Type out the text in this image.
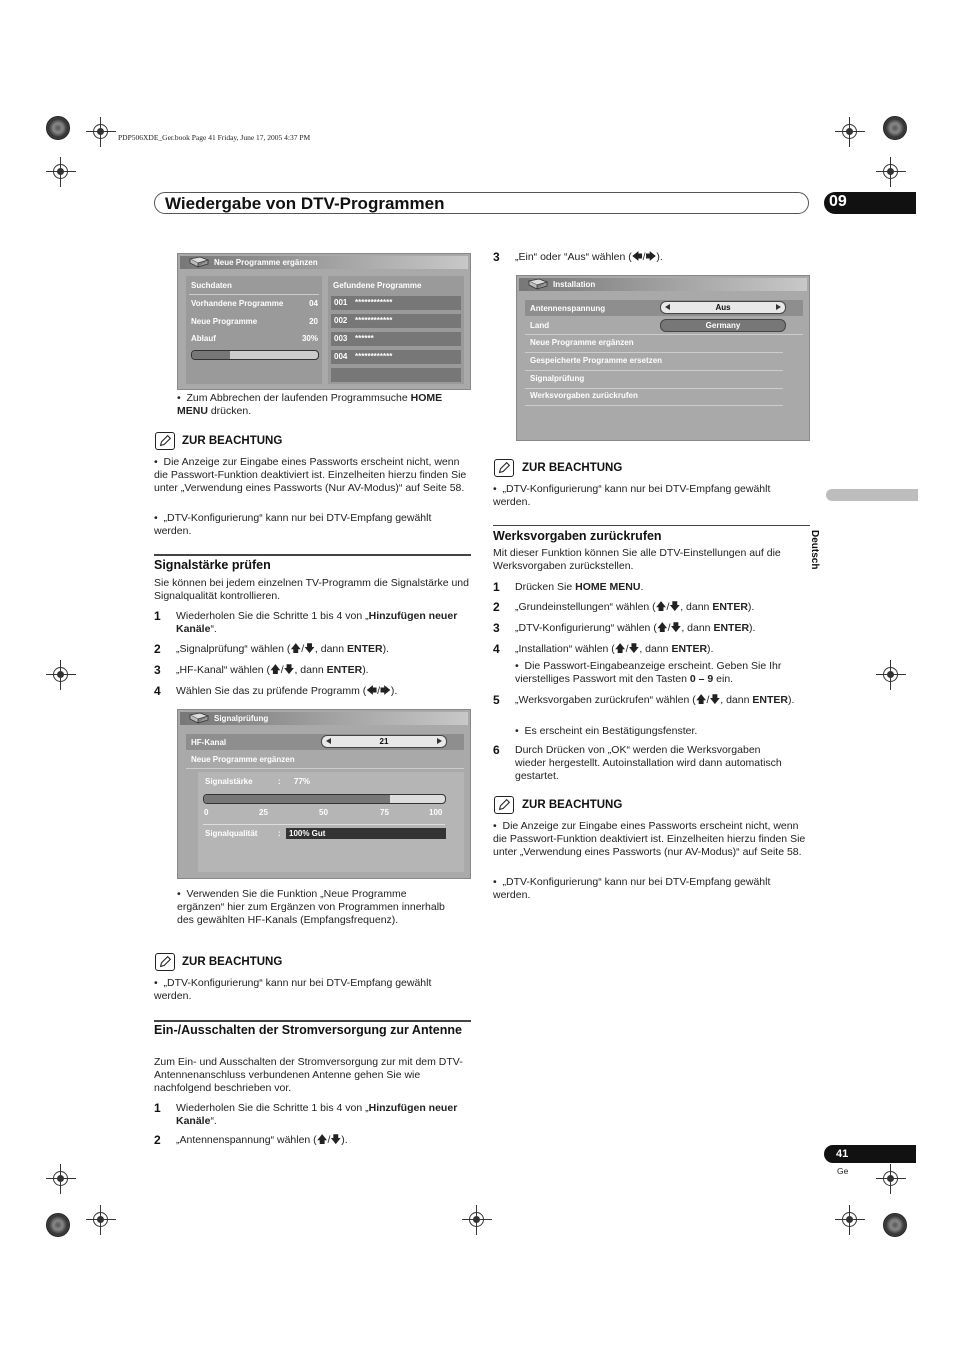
PDP506XDE_Ger.book Page 41 Friday, June 17, 2005 4:37 PM
Wiedergabe von DTV-Programmen	09
Deutsch
Neue Programme ergänzen
Suchdaten
Vorhandene Programme	04
Neue Programme	20
Ablauf	30%
Gefundene Programme
001 ************
002 ************
003 ******
004 ************

•  Zum Abbrechen der laufenden Programmsuche HOME MENU drücken.

ZUR BEACHTUNG

•  Die Anzeige zur Eingabe eines Passworts erscheint nicht, wenn die Passwort-Funktion deaktiviert ist. Einzelheiten hierzu finden Sie unter „Verwendung eines Passworts (Nur AV-Modus)“ auf Seite 58.

•  „DTV-Konfigurierung“ kann nur bei DTV-Empfang gewählt werden.

Signalstärke prüfen

Sie können bei jedem einzelnen TV-Programm die Signalstärke und Signalqualität kontrollieren.

1 Wiederholen Sie die Schritte 1 bis 4 von „Hinzufügen neuer Kanäle“.

2 „Signalprüfung“ wählen (🡅/🡇, dann ENTER).

3 „HF-Kanal“ wählen (🡅/🡇, dann ENTER).

4 Wählen Sie das zu prüfende Programm (🡄/🡆).

Signalprüfung
HF-Kanal	21
Neue Programme ergänzen
Signalstärke	: 77%
0	25	50	75	100
Signalqualität	: 100% Gut

•  Verwenden Sie die Funktion „Neue Programme ergänzen“ hier zum Ergänzen von Programmen innerhalb des gewählten HF-Kanals (Empfangsfrequenz).

ZUR BEACHTUNG

•  „DTV-Konfigurierung“ kann nur bei DTV-Empfang gewählt werden.

Ein-/Ausschalten der Stromversorgung zur Antenne

Zum Ein- und Ausschalten der Stromversorgung zur mit dem DTV-Antennenanschluss verbundenen Antenne gehen Sie wie nachfolgend beschrieben vor.

1 Wiederholen Sie die Schritte 1 bis 4 von „Hinzufügen neuer Kanäle“.

2 „Antennenspannung“ wählen (🡅/🡇).

3 „Ein“ oder “Aus“ wählen (🡄/🡆).

Installation
Antennenspannung	Aus
Land	Germany
Neue Programme ergänzen
Gespeicherte Programme ersetzen
Signalprüfung
Werksvorgaben zurückrufen
ZUR BEACHTUNG

•  „DTV-Konfigurierung“ kann nur bei DTV-Empfang gewählt werden.

Werksvorgaben zurückrufen

Mit dieser Funktion können Sie alle DTV-Einstellungen auf die Werksvorgaben zurückstellen.

1 Drücken Sie HOME MENU.

2 „Grundeinstellungen“ wählen (🡅/🡇, dann ENTER).

3 „DTV-Konfigurierung“ wählen (🡅/🡇, dann ENTER).

4 „Installation“ wählen (🡅/🡇, dann ENTER).

•  Die Passwort-Eingabeanzeige erscheint. Geben Sie Ihr vierstelliges Passwort mit den Tasten 0 – 9 ein.

5 „Werksvorgaben zurückrufen“ wählen (🡅/🡇, dann ENTER).

•  Es erscheint ein Bestätigungsfenster.

6 Durch Drücken von „OK“ werden die Werksvorgaben wieder hergestellt. Autoinstallation wird dann automatisch gestartet.

ZUR BEACHTUNG

•  Die Anzeige zur Eingabe eines Passworts erscheint nicht, wenn die Passwort-Funktion deaktiviert ist. Einzelheiten hierzu finden Sie unter „Verwendung eines Passworts (nur AV-Modus)“ auf Seite 58.

•  „DTV-Konfigurierung“ kann nur bei DTV-Empfang gewählt werden.

41
Ge
